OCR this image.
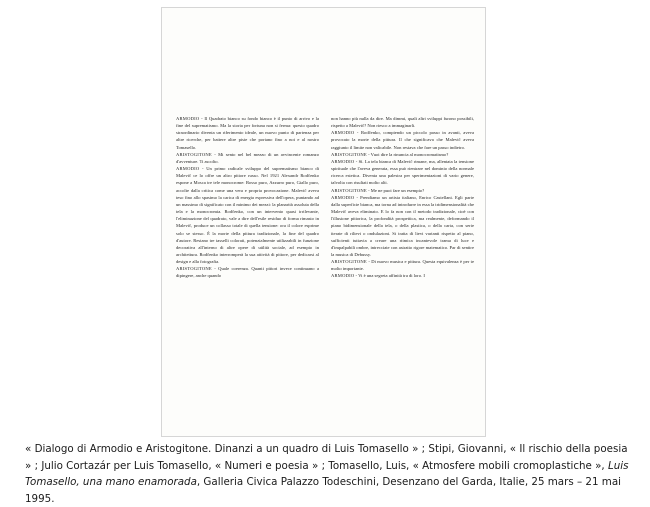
ARMODIO - Il Quadrato bianco su fondo bianco è il punto di arrivo e la fine del suprematismo. Ma la storia per fortuna non si ferma: questo quadro straordinario diventa un riferimento ideale, un nuovo punto di partenza per altre ricerche, per battere altre piste che portano fino a noi e al nostro Tomasello.

ARISTOGITONE - Mi sento nel bel mezzo di un avvincente romanzo d'avventure. Ti ascolto.

ARMODIO - Un primo radicale sviluppo del suprematismo bianco di Malevič ce lo offre un altro pittore russo. Nel 1921 Alexandr Rodčenko espone a Mosca tre tele monocrome: Rosso puro, Azzurro puro, Giallo puro, accolte dalla critica come una vera e propria provocazione. Malevič aveva teso fino allo spasimo la carica di energia espressiva dell'opera, puntando ad un massimo di significato con il minimo dei mezzi: la planarità assoluta della tela e la monocromia. Rodčenko, con un intervento quasi irrilevante, l'eliminazione del quadrato, vale a dire dell'esile residuo di forma rimasto in Malevič, produce un collasso totale di quella tensione: ora il colore esprime solo se stesso. È la morte della pittura tradizionale, la fine del quadro d'autore. Restano tre tasselli colorati, potenzialmente utilizzabili in funzione decorativa all'interno di altre opere di utilità sociale, ad esempio in architettura. Rodčenko interromperà la sua attività di pittore, per dedicarsi al design e alla fotografia.

ARISTOGITONE - Quale coerenza. Quanti pittori invece continuano a dipingere, anche quando

non hanno più nulla da dire. Ma dimmi, quali altri sviluppi furono possibili, rispetto a Malevič? Non riesco a immaginarli.

ARMODIO - Rodčenko, compiendo un piccolo passo in avanti, aveva provocato la morte della pittura. Il che significava che Malevič aveva raggiunto il limite non valicabile. Non restava che fare un passo indietro.

ARISTOGITONE - Vuoi dire la rinuncia al monocromatismo?

ARMODIO - Sì. La tela bianca di Malevič rimane, ma, allentata la tensione spirituale che l'aveva generata, essa può rientrare nel dominio della normale ricerca estetica. Diventa una palestra per sperimentazioni di vario genere, talvolta con risultati molto alti.

ARISTOGITONE - Me ne puoi fare un esempio?

ARMODIO - Prendiamo un artista italiano, Enrico Castellani. Egli parte dalla superficie bianca, ma torna ad introdurre in essa la tridimensionalità che Malevič aveva eliminato. E lo fa non con il metodo tradizionale, cioè con l'illusione pittorica, la profondità prospettica, ma realmente, deformando il piano bidimensionale della tela, o della plastica, o della carta, con serie iterate di rilievi o ondulazioni. Si tratta di lievi varianti rispetto al piano, sufficienti tuttavia a creare una ritmica incantevole trama di luce e d'impalpabili ombre, intrecciate con astratto rigore matematico. Par di sentire la musica di Debussy.

ARISTOGITONE - Di nuovo musica e pittura. Questa equivalenza è per te molto importante.

ARMODIO - Vi è una segreta affinità tra di loro. I

« Dialogo di Armodio e Aristogitone. Dinanzi a un quadro di Luis Tomasello » ; Stipi, Giovanni, « Il rischio della poesia » ; Julio Cortazár per Luis Tomasello, « Numeri e poesia » ; Tomasello, Luis, « Atmosfere mobili cromoplastiche », Luis Tomasello, una mano enamorada, Galleria Civica Palazzo Todeschini, Desenzano del Garda, Italie, 25 mars – 21 mai 1995.
